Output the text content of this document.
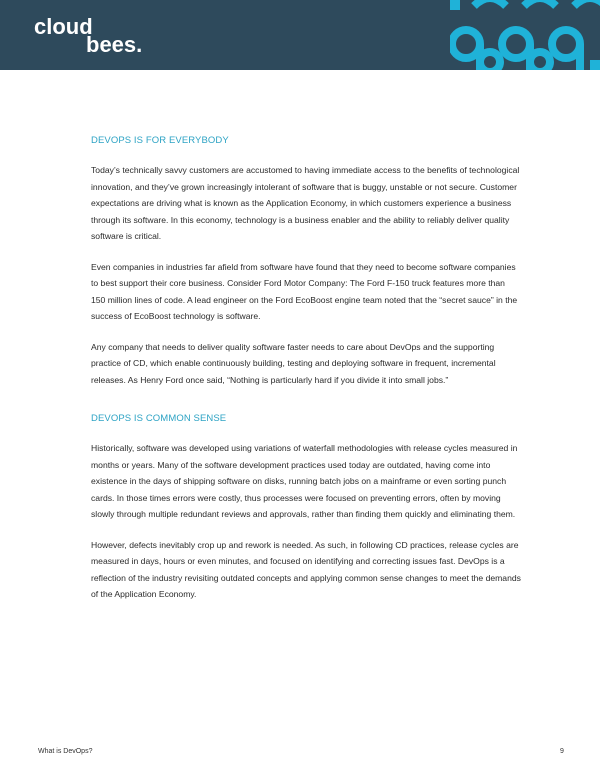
cloud
bees.
DEVOPS IS FOR EVERYBODY

Today’s technically savvy customers are accustomed to having immediate access to the benefits of technological innovation, and they’ve grown increasingly intolerant of software that is buggy, unstable or not secure. Customer expectations are driving what is known as the Application Economy, in which customers experience a business through its software. In this economy, technology is a business enabler and the ability to reliably deliver quality software is critical.

Even companies in industries far afield from software have found that they need to become software companies to best support their core business. Consider Ford Motor Company: The Ford F-150 truck features more than 150 million lines of code. A lead engineer on the Ford EcoBoost engine team noted that the “secret sauce” in the success of EcoBoost technology is software.

Any company that needs to deliver quality software faster needs to care about DevOps and the supporting practice of CD, which enable continuously building, testing and deploying software in frequent, incremental releases. As Henry Ford once said, “Nothing is particularly hard if you divide it into small jobs.”

DEVOPS IS COMMON SENSE

Historically, software was developed using variations of waterfall methodologies with release cycles measured in months or years. Many of the software development practices used today are outdated, having come into existence in the days of shipping software on disks, running batch jobs on a mainframe or even sorting punch cards. In those times errors were costly, thus processes were focused on preventing errors, often by moving slowly through multiple redundant reviews and approvals, rather than finding them quickly and eliminating them.

However, defects inevitably crop up and rework is needed. As such, in following CD practices, release cycles are measured in days, hours or even minutes, and focused on identifying and correcting issues fast. DevOps is a reflection of the industry revisiting outdated concepts and applying common sense changes to meet the demands of the Application Economy.

What is DevOps?	9
